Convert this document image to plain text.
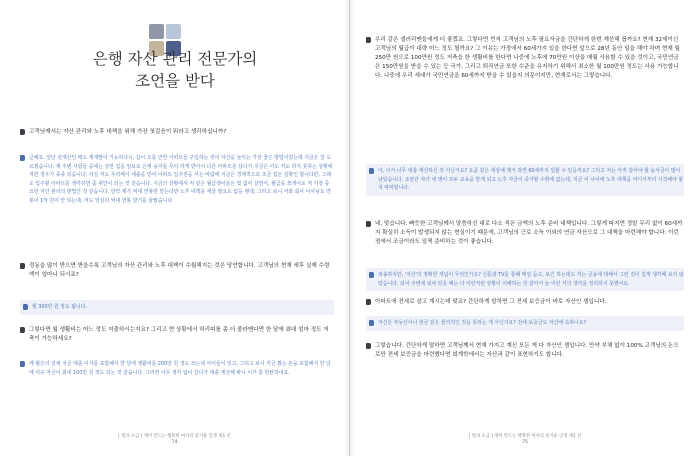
은행 자산 관리 전문가의
조언을 받다
고객님께서는 자산 관리와 노후 대책을 위해 가장 첫걸음이 뭐라고 생각하십니까?
글쎄요. 일단 전재산인 매도 제개발이 가능하다니, 갑이 오를 만한 아파트들 구입하는 것이 자산을 늘리는 가장 좋은 방법이었는데 지금은 잘 도르겠습니다. 제 주변 사람들 중에는 상한 집을 임보로 은행 융자를 무터 하게 받아서 다른 아파트를 샀다가 지금은 이도 저도 하지 못하는 상황에 처한 경우가 종종 있습니다. 사실 저도 무리해서 대출을 받아 아파트 입주권을 사는 바람에 지금은 경제적으로 조금 힘든 실황인 합니다만, 그래도 입주할 아파트를 생각하면 좀 위안이 되는 것 같습니다. 지금의 상황에서 저 같은 월급쟁이들은 빛 없이 살면서, 월급을 쪼개어도 저 가장 중요한 자산 관리의 방법인 것 같습니다. 만약 제가 억대 연봉만 받는다면 노후 대책을 세울 필요도 없을 텐데, 그러고 보니 저와 회사 이사님도 연봉이 1억 원이 안 되는데, 저도 열심히 억대 연봉 받기를 꿈꿨습니다.
정동을 많이 받으면 받을수록 고객님의 자산 관리와 노후 대책이 수월해지는 것은 당연합니다. 고객님의 현재 세후 실제 수령액이 얼마나 되시죠?
월 300만 원 정도 됩니다.
그렇다면 월 생활비는 어느 정도 지출하시는지요? 그리고 현 상황에서 허리띠를 좀 더 졸라맨다면 한 달에 최대 얼마 정도 저축이 가능하세요?
제 월은의 전체 지금 대출 이자를 포함해서 한 달에 생활비를 200만 원 정도 쓰는데 아이들이 있고, 그리고 보니 직금 봤는 돈을 포함해서 한 달에 여유 자금이 최대 100만 원 정도 되는 것 같습니다. 그러면 아무 생각 없이 살다가 대출 계산해 봐니 이거 참 한탄하네요.
[ 빛과 소금 ] 재미 만드는 행복한 여자의 즐거운 인생 제1 선
74
우리 같은 샐러리맨들에게 더 좋겠죠. 그렇다면 먼저 고객님의 노후 필요자금을 간단하게 한번 계산해 봅까요? 현재 32세이신 고객님의 월급이 대략 어느 정도 될까요? 그 이유는 가정에서 60세가지 일을 한다면 앞으로 28년 동안 일을 해야 하며 현재 월 250만 원으로 100만원 정도 저축을 한 생활비를 한다면 나중에 노후에 70만원 이상을 매월 사용할 수 있을 것이고, 국민연금은 150만원을 받을 수 있는 등 국가, 그리고 퇴직연금 또한 수준을 유지하기 위해서 최소한 월 100만원 정도는 사용 가능합니다. 나중에 우리 세대가 국민연금을 60세까지 받을 수 있을지 의문이지만, 현재로서는 그렇습니다.
아, 이거 너무 대충 계산하신 것 아닌가요? 요즘 같은 세상에 제가 과연 60세까지 일할 수 있을까요? 그리고 저는 아직 갚아야 할 융자금이 많이 남았습니다. 조만간 자녀 세 명이 모두 교육을 받게 되고 노후 자금이 증가할 수밖에 없는데, 지금 이 나이에 노후 대책을 어디서부터 시작해야 할지 막막합니다.
네, 맞습니다. 빠듯한 고객님께서 말씀하신 대로 다소 적은 금액의 노후 준비 대책입니다. 그렇게 따지면 정말 무리 없이 60세까지 확실히 소득이 발생되지 않는 현실이기 때문에, 고객님의 근로 소득 이외의 연금 자산으로 그 대책을 마련해야 합니다. 이런 점에서 조금이라도 일찍 준비하는 것이 좋습니다.
죄송하지만, '자산'의 정확한 개념이 무엇인가요? 신문과 TV를 통해 매일 듣고, 보긴 하는데도 저는 금융에 대해서 그런 것이 깊게 생각해 보지 않았습니다. 워낙 주변에 워낙 있을 때는 다 이런저런 상황이 이해하는 것 같아서 늘 이런 식의 생각을 정리하지 못했어요.
아파트에 전세로 살고 계시는데 맞죠? 간단하게 말하면 그 전세 보증금이 바로 자산인 셈입니다.
자산은 부동산이나 현금 같은 물리적인 것을 뜻하는 게 아닌가요? 전세 보증금도 자산에 속하나요?
그렇습니다. 간단하게 말하면 고객님께서 현재 가지고 계신 모든 게 다 자산인 셈입니다. 만약 부채 없이 100% 고객님의 돈으로만 전세 보증금을 마련했다면 회계학에서는 자산과 같이 표현하기도 합니다.
[ 빛과 소금 ] 재미 만드는 행복한 여자의 즐거운 인생 제1 선
75
